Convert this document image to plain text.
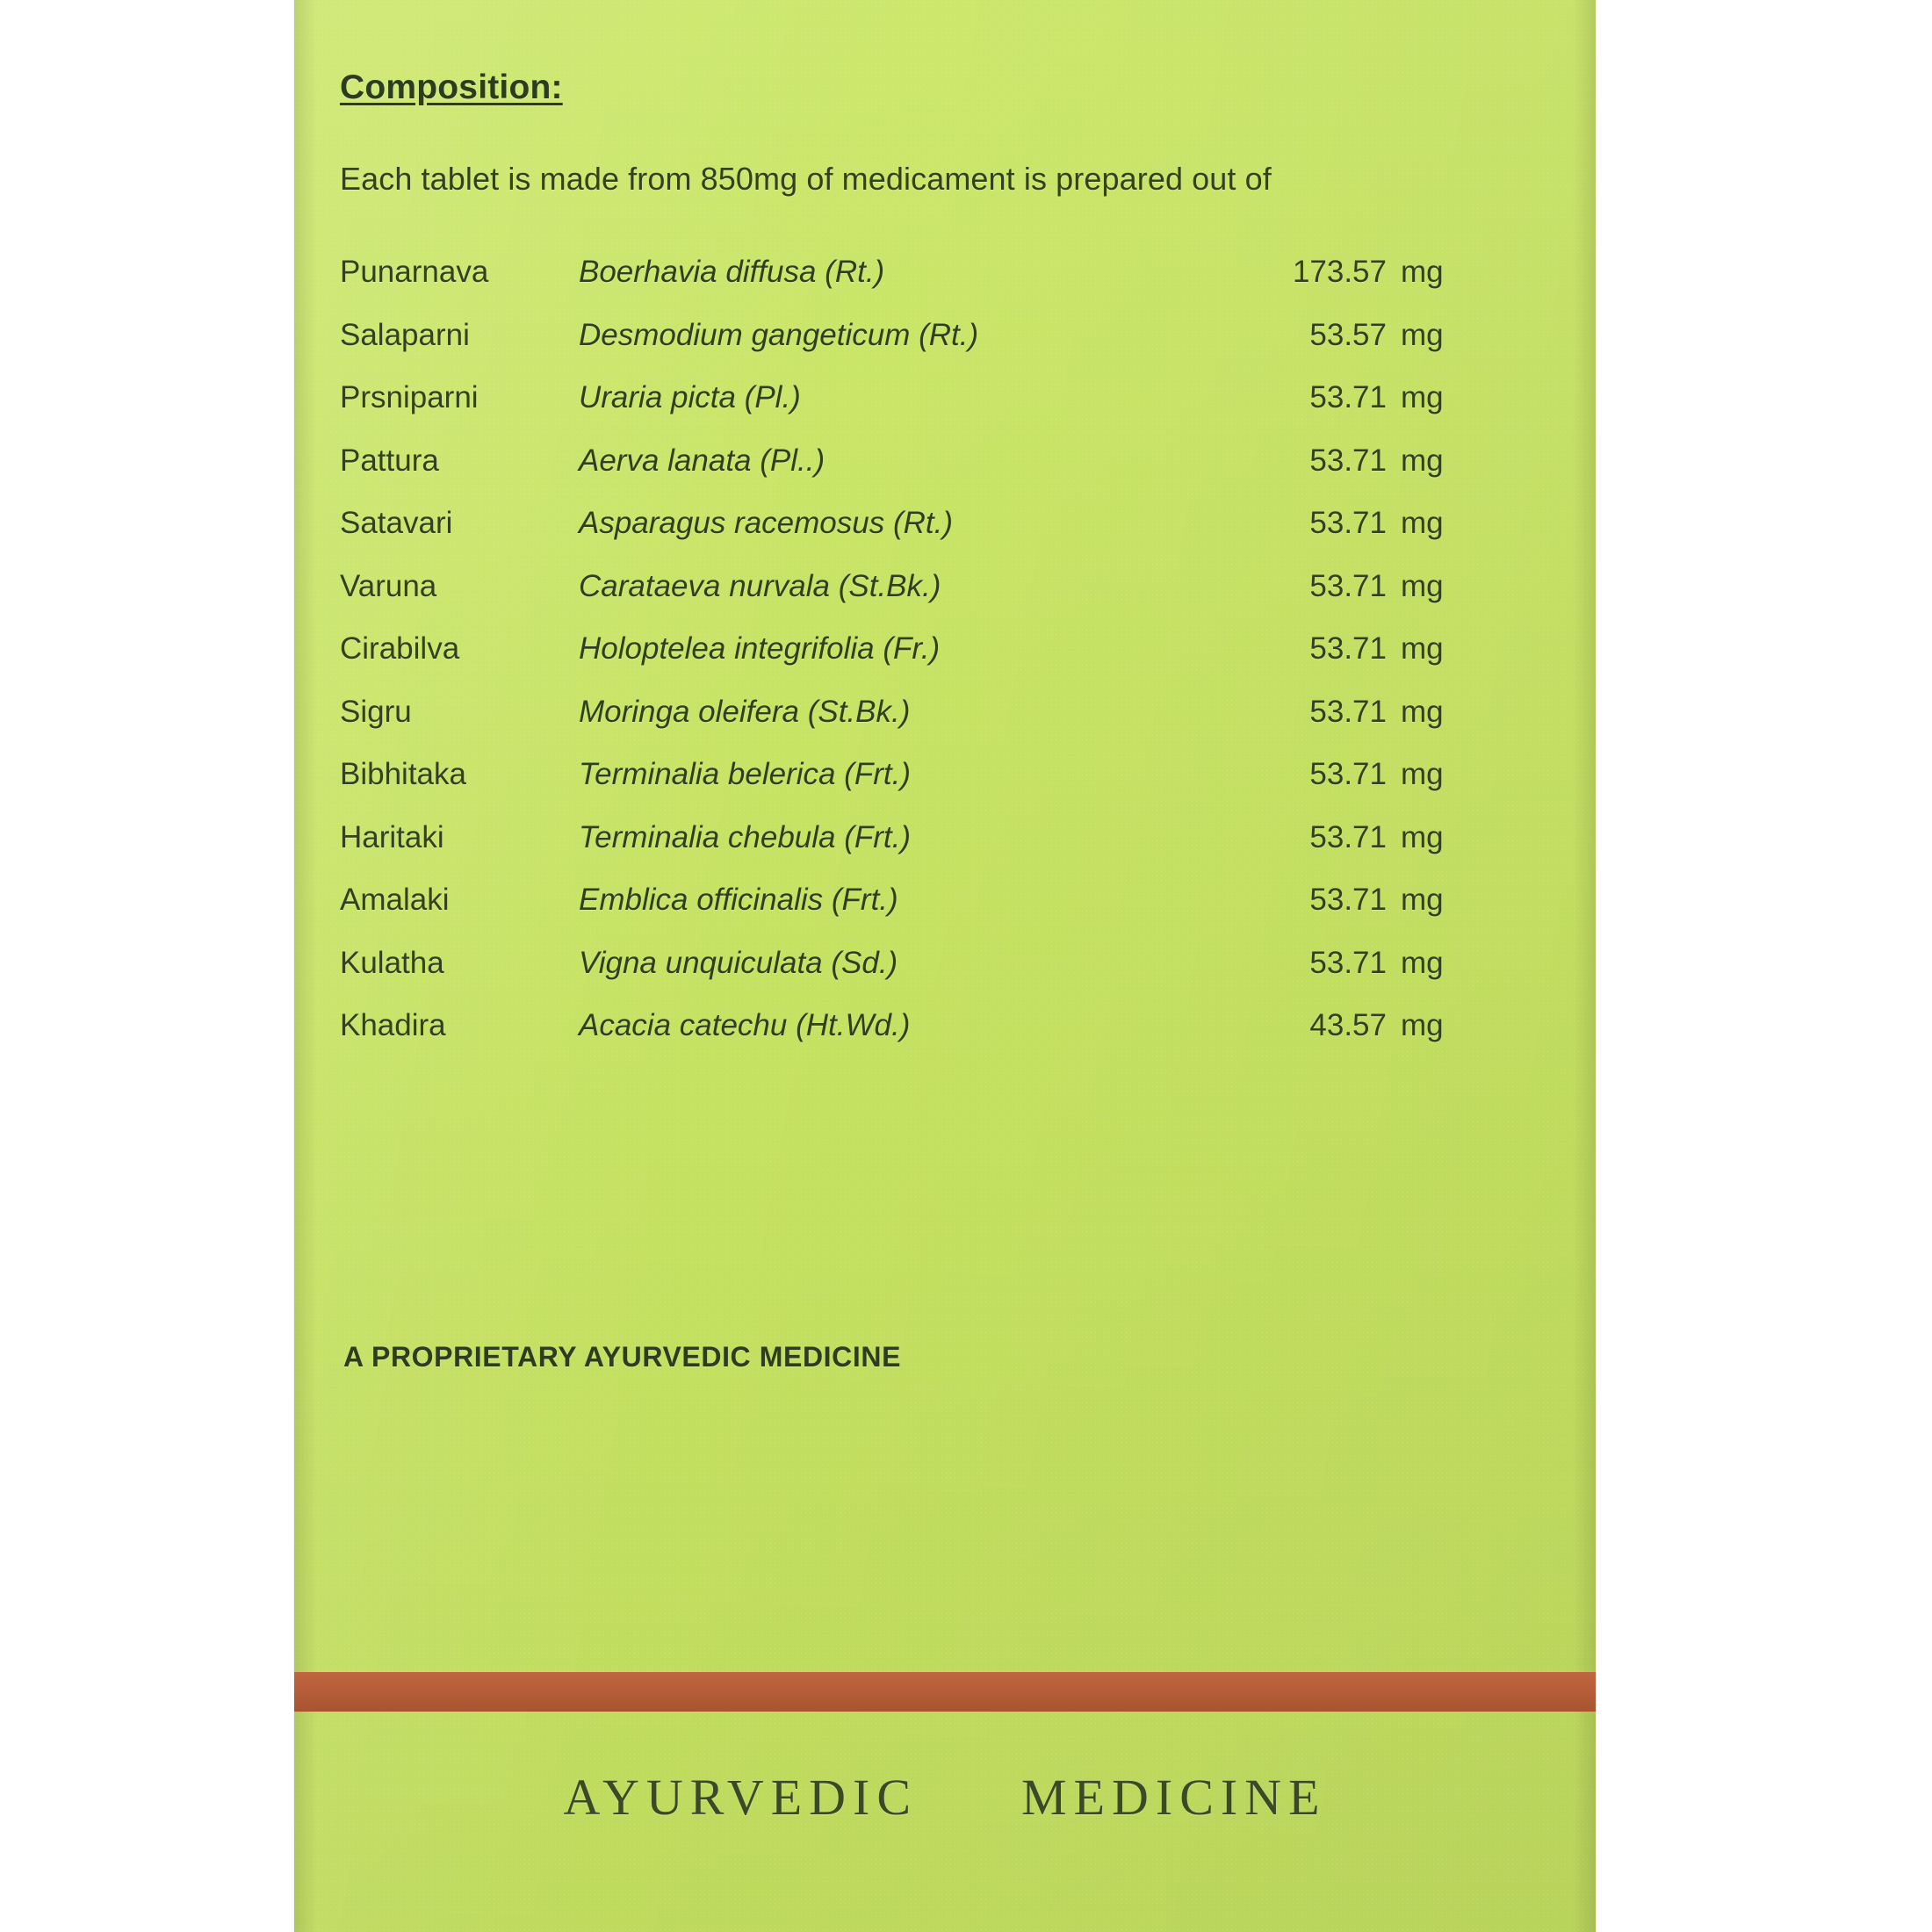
Composition:
Each tablet is made from 850mg of medicament is prepared out of
Punarnava	Boerhavia diffusa (Rt.)	173.57 mg
Salaparni	Desmodium gangeticum (Rt.)	53.57 mg
Prsniparni	Uraria picta (Pl.)	53.71 mg
Pattura	Aerva lanata (Pl..)	53.71 mg
Satavari	Asparagus racemosus (Rt.)	53.71 mg
Varuna	Carataeva nurvala (St.Bk.)	53.71 mg
Cirabilva	Holoptelea integrifolia (Fr.)	53.71 mg
Sigru	Moringa oleifera (St.Bk.)	53.71 mg
Bibhitaka	Terminalia belerica (Frt.)	53.71 mg
Haritaki	Terminalia chebula (Frt.)	53.71 mg
Amalaki	Emblica officinalis (Frt.)	53.71 mg
Kulatha	Vigna unquiculata (Sd.)	53.71 mg
Khadira	Acacia catechu (Ht.Wd.)	43.57 mg
A PROPRIETARY AYURVEDIC MEDICINE
AYURVEDIC MEDICINE
